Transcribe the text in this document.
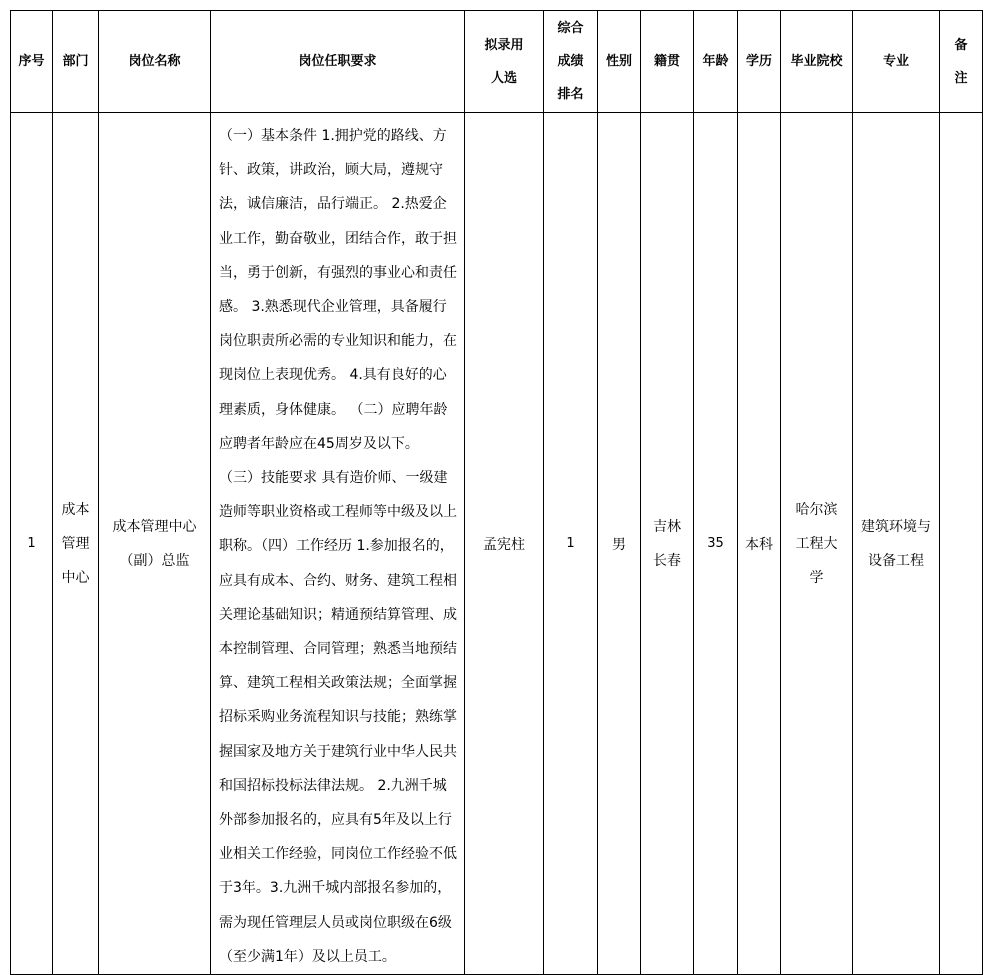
序号	部门	岗位名称	岗位任职要求	拟录用人选	综合成绩排名	性别	籍贯	年龄	学历	毕业院校	专业	备注
1	成本管理中心	成本管理中心（副）总监	（一）基本条件 1.拥护党的路线、方针、政策，讲政治，顾大局，遵规守法，诚信廉洁，品行端正。 2.热爱企业工作，勤奋敬业，团结合作，敢于担当，勇于创新，有强烈的事业心和责任感。 3.熟悉现代企业管理，具备履行岗位职责所必需的专业知识和能力，在现岗位上表现优秀。 4.具有良好的心理素质，身体健康。 （二）应聘年龄 应聘者年龄应在45周岁及以下。 （三）技能要求 具有造价师、一级建造师等职业资格或工程师等中级及以上职称。（四）工作经历 1.参加报名的，应具有成本、合约、财务、建筑工程相关理论基础知识；精通预结算管理、成本控制管理、合同管理；熟悉当地预结算、建筑工程相关政策法规；全面掌握招标采购业务流程知识与技能；熟练掌握国家及地方关于建筑行业中华人民共和国招标投标法律法规。 2.九洲千城外部参加报名的，应具有5年及以上行业相关工作经验，同岗位工作经验不低于3年。3.九洲千城内部报名参加的，需为现任管理层人员或岗位职级在6级（至少满1年）及以上员工。	孟宪柱	1	男	吉林长春	35	本科	哈尔滨工程大学	建筑环境与设备工程	
